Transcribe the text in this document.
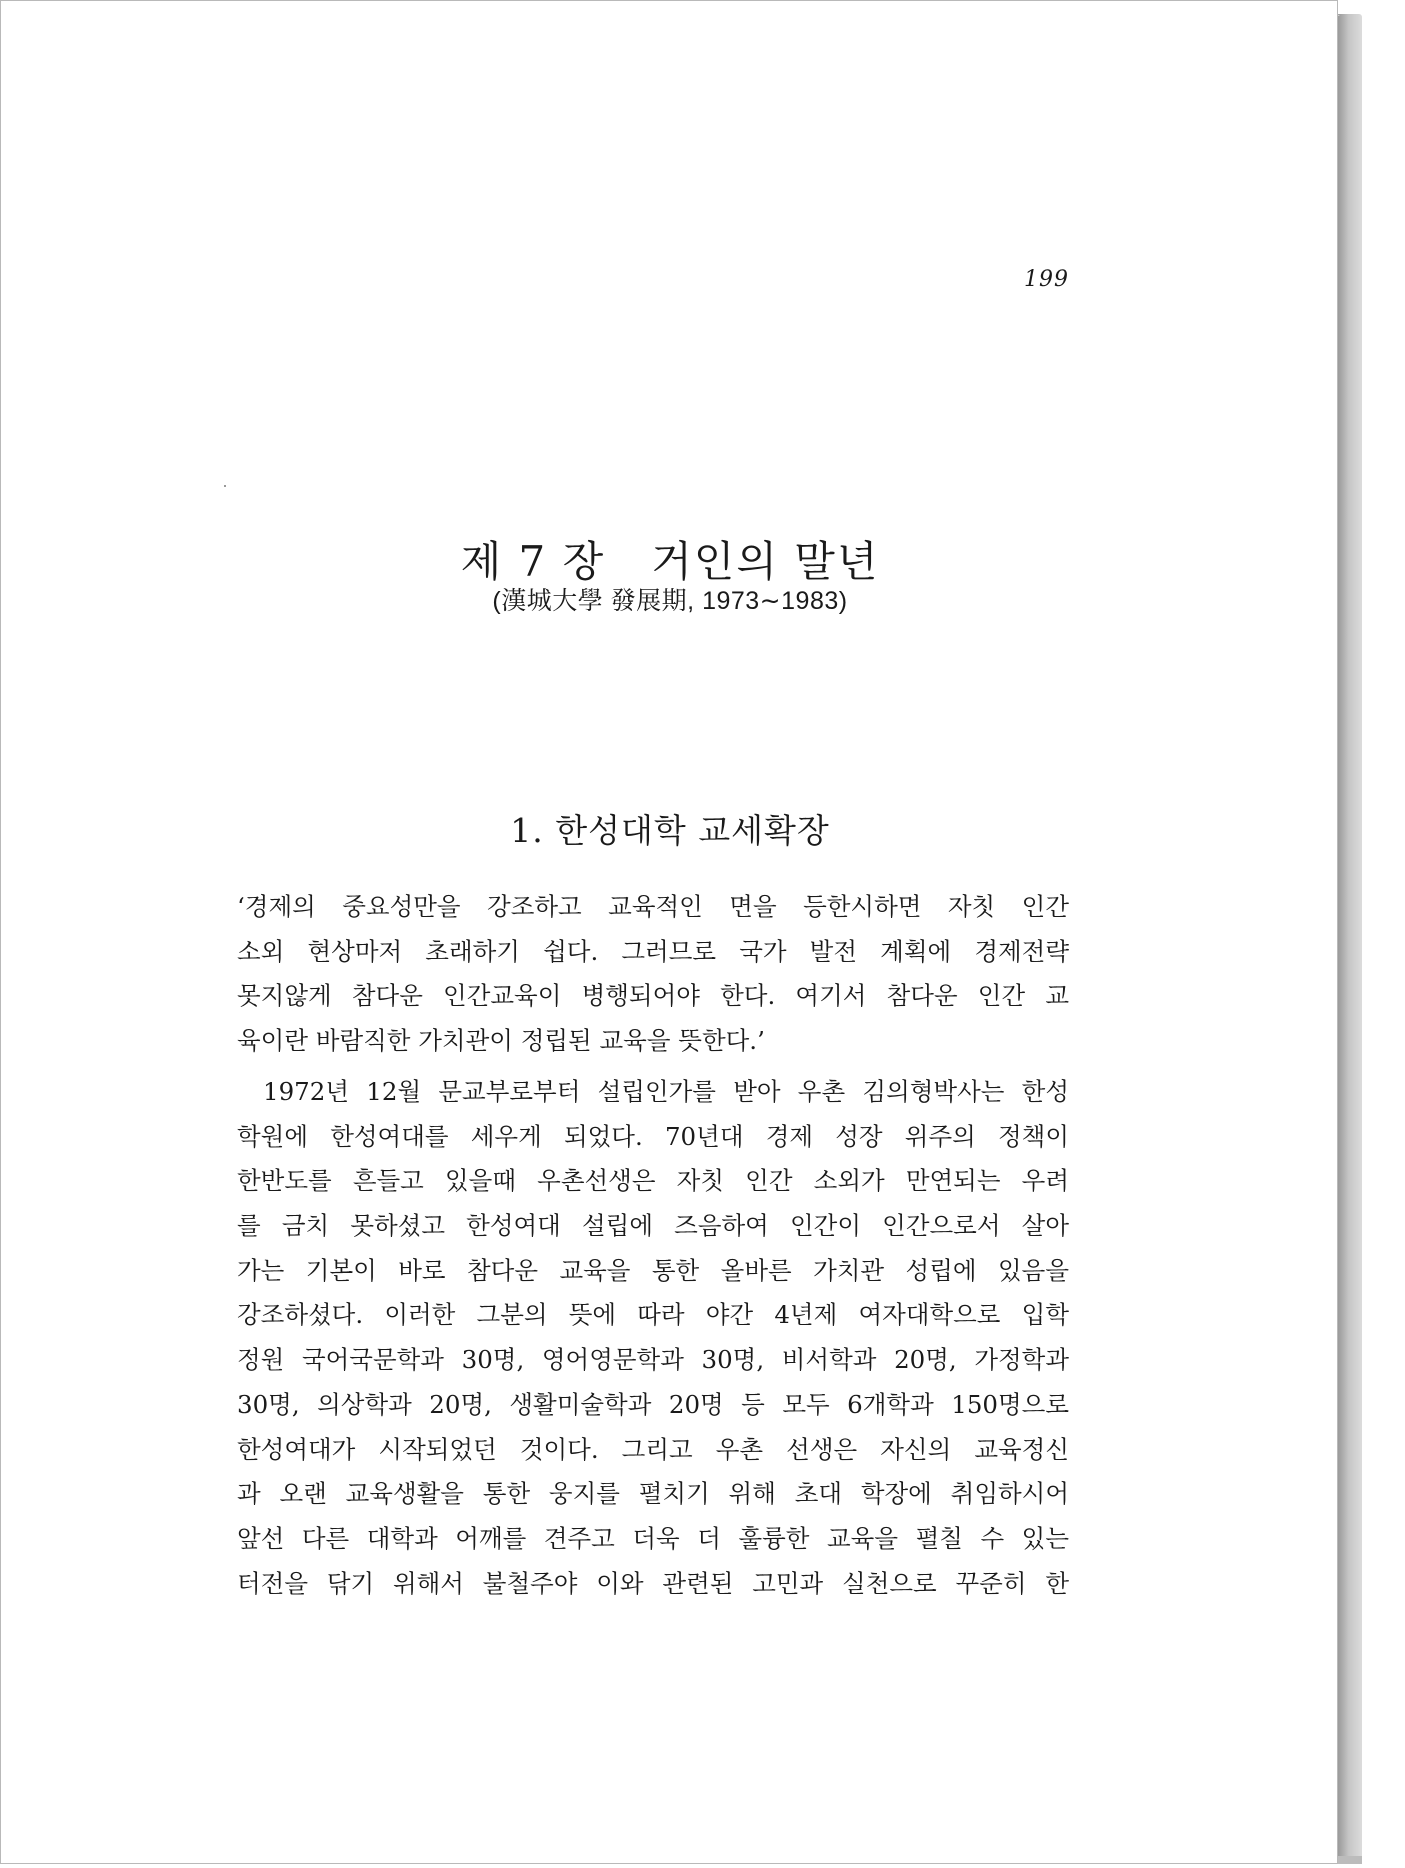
199
제 7 장   거인의 말년
(漢城大學 發展期, 1973∼1983)
1. 한성대학 교세확장
‘경제의 중요성만을 강조하고 교육적인 면을 등한시하면 자칫 인간
소외 현상마저 초래하기 쉽다. 그러므로 국가 발전 계획에 경제전략
못지않게 참다운 인간교육이 병행되어야 한다. 여기서 참다운 인간 교
육이란 바람직한 가치관이 정립된 교육을 뜻한다.’
1972년 12월 문교부로부터 설립인가를 받아 우촌 김의형박사는 한성
학원에 한성여대를 세우게 되었다. 70년대 경제 성장 위주의 정책이
한반도를 흔들고 있을때 우촌선생은 자칫 인간 소외가 만연되는 우려
를 금치 못하셨고 한성여대 설립에 즈음하여 인간이 인간으로서 살아
가는 기본이 바로 참다운 교육을 통한 올바른 가치관 성립에 있음을
강조하셨다. 이러한 그분의 뜻에 따라 야간 4년제 여자대학으로 입학
정원 국어국문학과 30명, 영어영문학과 30명, 비서학과 20명, 가정학과
30명, 의상학과 20명, 생활미술학과 20명 등 모두 6개학과 150명으로
한성여대가 시작되었던 것이다. 그리고 우촌 선생은 자신의 교육정신
과 오랜 교육생활을 통한 웅지를 펼치기 위해 초대 학장에 취임하시어
앞선 다른 대학과 어깨를 견주고 더욱 더 훌륭한 교육을 펼칠 수 있는
터전을 닦기 위해서 불철주야 이와 관련된 고민과 실천으로 꾸준히 한
